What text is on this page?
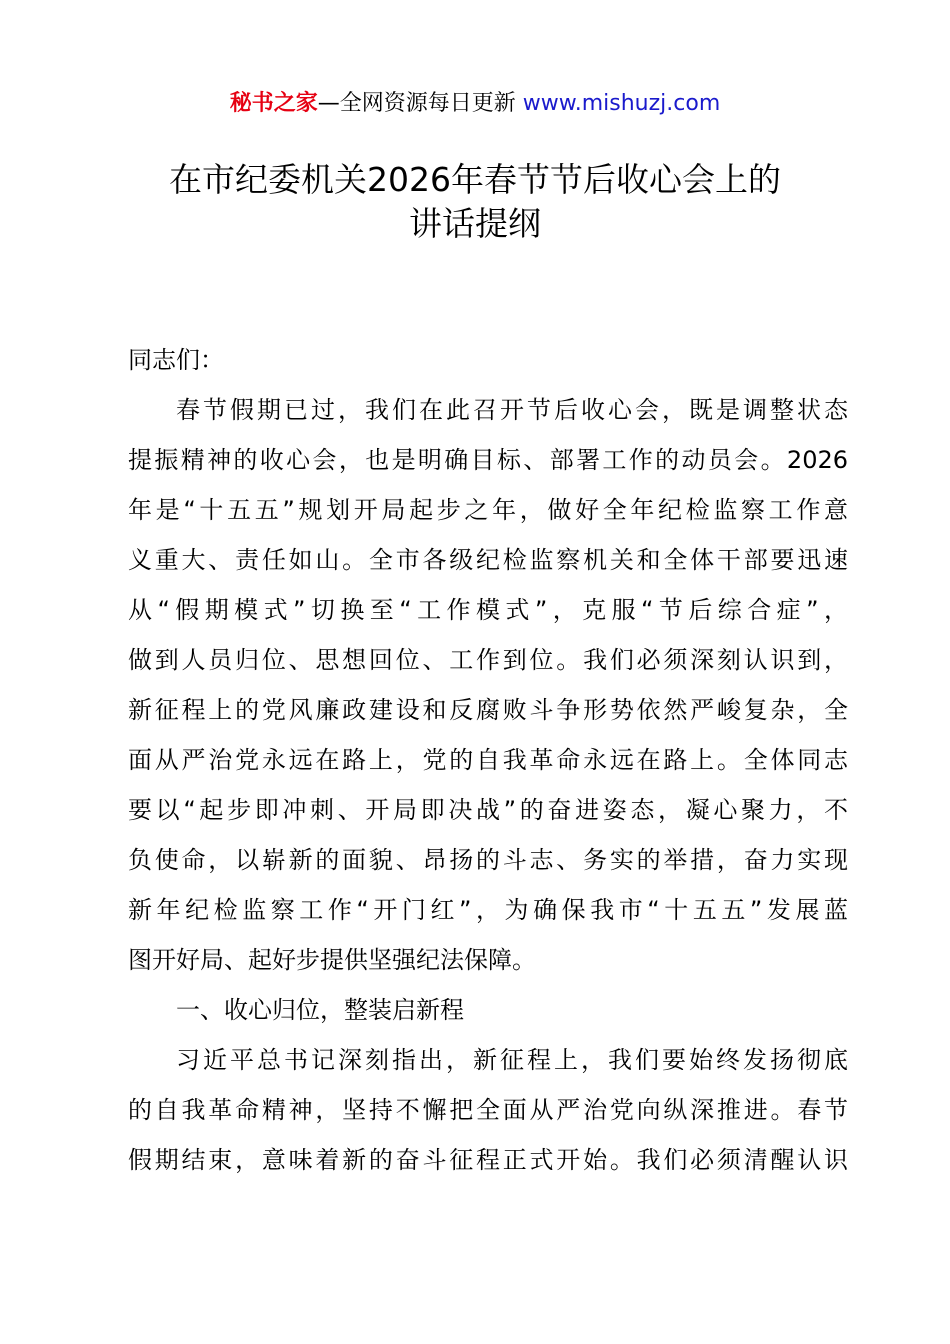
秘书之家—全网资源每日更新 www.mishuzj.com
在市纪委机关2026年春节节后收心会上的
讲话提纲
同志们：
春节假期已过，我们在此召开节后收心会，既是调整状态
提振精神的收心会，也是明确目标、部署工作的动员会。2026
年是“十五五”规划开局起步之年，做好全年纪检监察工作意
义重大、责任如山。全市各级纪检监察机关和全体干部要迅速
从“假期模式”切换至“工作模式”，克服“节后综合症”，
做到人员归位、思想回位、工作到位。我们必须深刻认识到，
新征程上的党风廉政建设和反腐败斗争形势依然严峻复杂，全
面从严治党永远在路上，党的自我革命永远在路上。全体同志
要以“起步即冲刺、开局即决战”的奋进姿态，凝心聚力，不
负使命，以崭新的面貌、昂扬的斗志、务实的举措，奋力实现
新年纪检监察工作“开门红”，为确保我市“十五五”发展蓝
图开好局、起好步提供坚强纪法保障。
一、收心归位，整装启新程
习近平总书记深刻指出，新征程上，我们要始终发扬彻底
的自我革命精神，坚持不懈把全面从严治党向纵深推进。春节
假期结束，意味着新的奋斗征程正式开始。我们必须清醒认识
